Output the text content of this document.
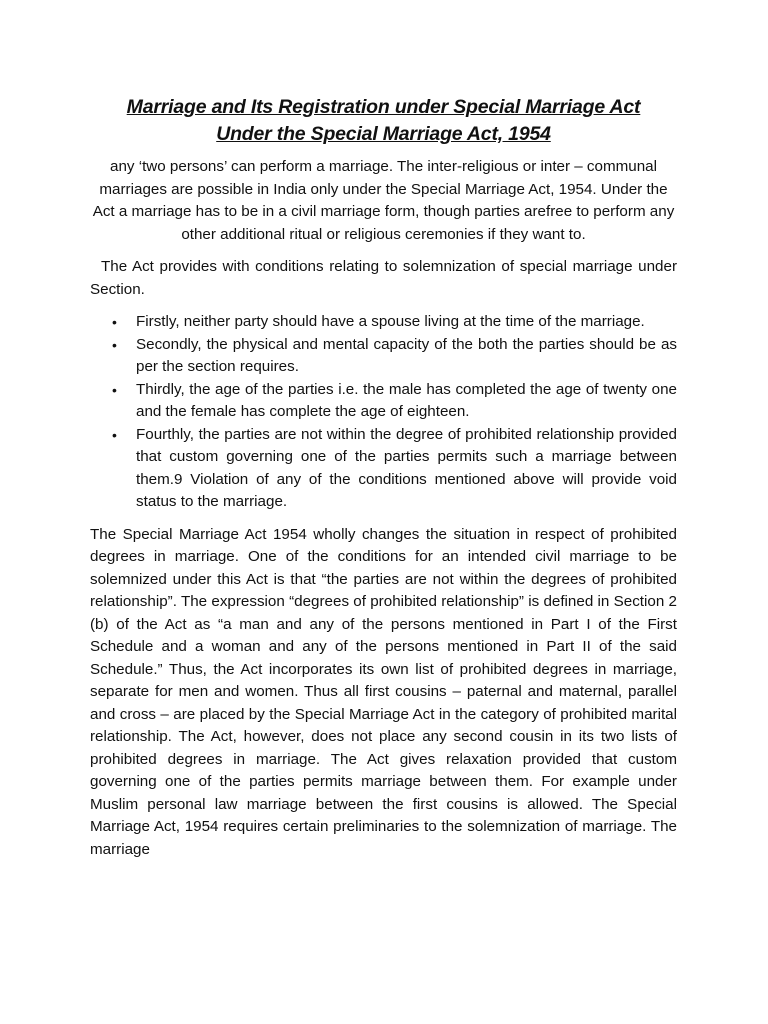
Marriage and Its Registration under Special Marriage Act
Under the Special Marriage Act, 1954

any ‘two persons’ can perform a marriage. The inter-religious or inter – communal marriages are possible in India only under the Special Marriage Act, 1954. Under the Act a marriage has to be in a civil marriage form, though parties arefree to perform any other additional ritual or religious ceremonies if they want to.

The Act provides with conditions relating to solemnization of special marriage under Section.

• Firstly, neither party should have a spouse living at the time of the marriage.
• Secondly, the physical and mental capacity of the both the parties should be as per the section requires.
• Thirdly, the age of the parties i.e. the male has completed the age of twenty one and the female has complete the age of eighteen.
• Fourthly, the parties are not within the degree of prohibited relationship provided that custom governing one of the parties permits such a marriage between them.9 Violation of any of the conditions mentioned above will provide void status to the marriage.

The Special Marriage Act 1954 wholly changes the situation in respect of prohibited degrees in marriage. One of the conditions for an intended civil marriage to be solemnized under this Act is that “the parties are not within the degrees of prohibited relationship”. The expression “degrees of prohibited relationship” is defined in Section 2 (b) of the Act as “a man and any of the persons mentioned in Part I of the First Schedule and a woman and any of the persons mentioned in Part II of the said Schedule.” Thus, the Act incorporates its own list of prohibited degrees in marriage, separate for men and women. Thus all first cousins – paternal and maternal, parallel and cross – are placed by the Special Marriage Act in the category of prohibited marital relationship. The Act, however, does not place any second cousin in its two lists of prohibited degrees in marriage. The Act gives relaxation provided that custom governing one of the parties permits marriage between them. For example under Muslim personal law marriage between the first cousins is allowed. The Special Marriage Act, 1954 requires certain preliminaries to the solemnization of marriage. The marriage
